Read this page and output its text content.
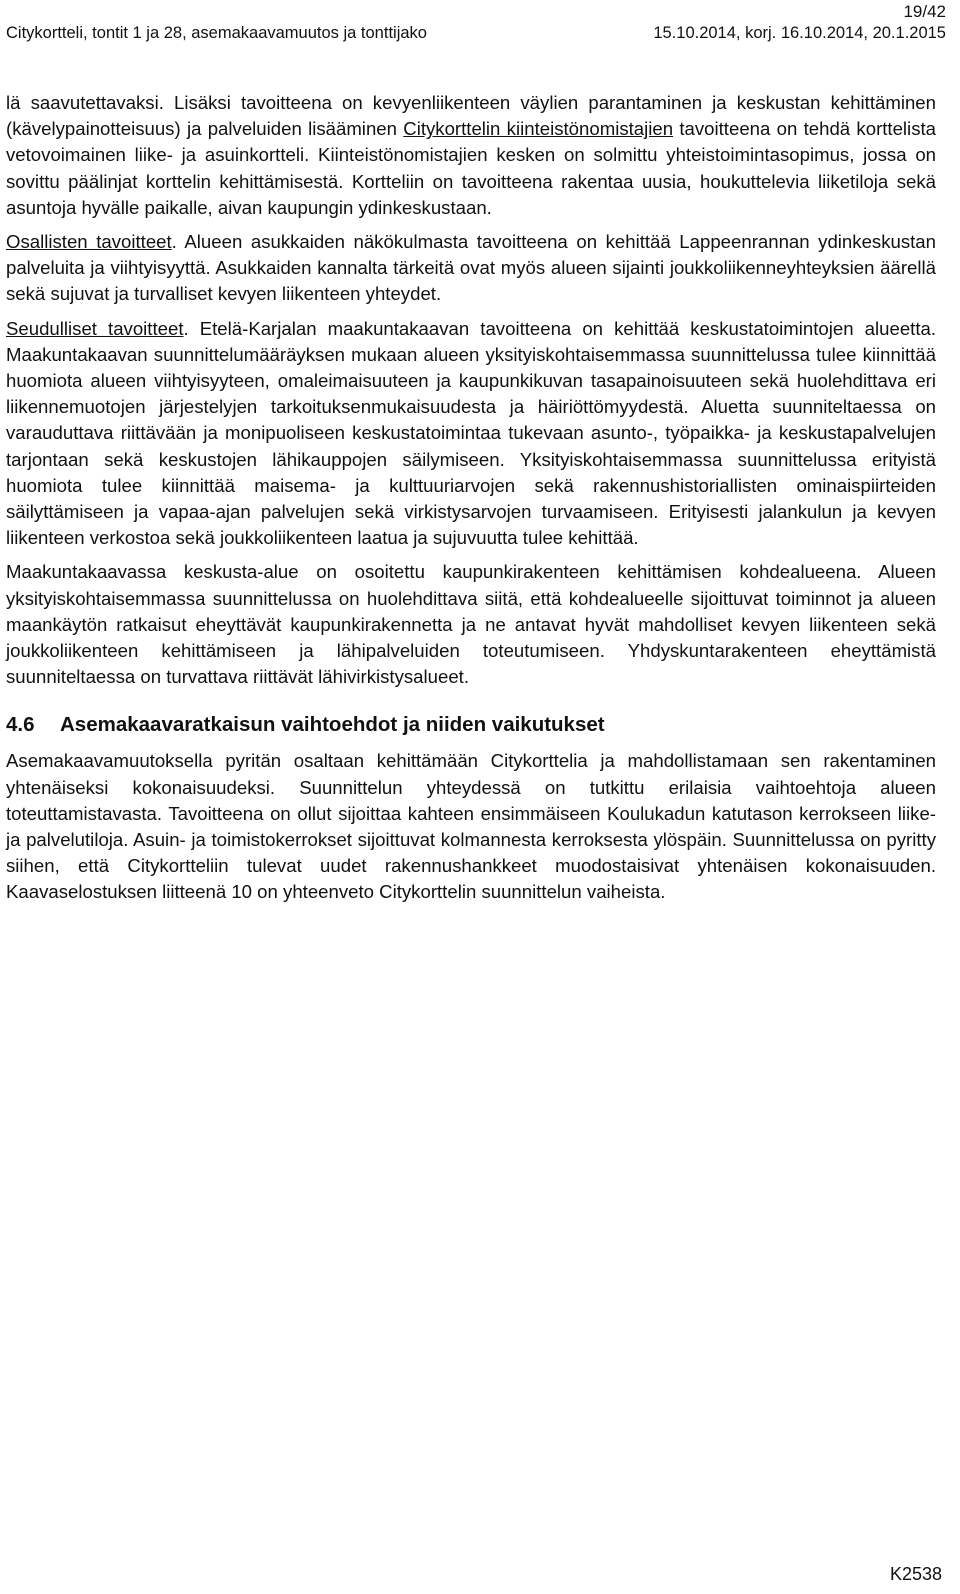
19/42
Citykortteli, tontit 1 ja 28, asemakaavamuutos ja tonttijako	15.10.2014, korj. 16.10.2014, 20.1.2015

lä saavutettavaksi. Lisäksi tavoitteena on kevyenliikenteen väylien parantaminen ja keskustan kehittäminen (kävelypainotteisuus) ja palveluiden lisääminen Citykorttelin kiinteistönomistajien tavoitteena on tehdä korttelista vetovoimainen liike- ja asuinkortteli. Kiinteistönomistajien kesken on solmittu yhteistoimintasopimus, jossa on sovittu päälinjat korttelin kehittämisestä. Kortteliin on tavoitteena rakentaa uusia, houkuttelevia liiketiloja sekä asuntoja hyvälle paikalle, aivan kaupungin ydinkeskustaan.

Osallisten tavoitteet. Alueen asukkaiden näkökulmasta tavoitteena on kehittää Lappeenrannan ydinkeskustan palveluita ja viihtyisyyttä. Asukkaiden kannalta tärkeitä ovat myös alueen sijainti joukkoliikenneyhteyksien äärellä sekä sujuvat ja turvalliset kevyen liikenteen yhteydet.

Seudulliset tavoitteet. Etelä-Karjalan maakuntakaavan tavoitteena on kehittää keskustatoimintojen alueetta. Maakuntakaavan suunnittelumääräyksen mukaan alueen yksityiskohtaisemmassa suunnittelussa tulee kiinnittää huomiota alueen viihtyisyyteen, omaleimaisuuteen ja kaupunkikuvan tasapainoisuuteen sekä huolehdittava eri liikennemuotojen järjestelyjen tarkoituksenmukaisuudesta ja häiriöttömyydestä. Aluetta suunniteltaessa on varauduttava riittävään ja monipuoliseen keskustatoimintaa tukevaan asunto-, työpaikka- ja keskustapalvelujen tarjontaan sekä keskustojen lähikauppojen säilymiseen. Yksityiskohtaisemmassa suunnittelussa erityistä huomiota tulee kiinnittää maisema- ja kulttuuriarvojen sekä rakennushistoriallisten ominaispiirteiden säilyttämiseen ja vapaa-ajan palvelujen sekä virkistysarvojen turvaamiseen. Erityisesti jalankulun ja kevyen liikenteen verkostoa sekä joukkoliikenteen laatua ja sujuvuutta tulee kehittää.

Maakuntakaavassa keskusta-alue on osoitettu kaupunkirakenteen kehittämisen kohdealueena. Alueen yksityiskohtaisemmassa suunnittelussa on huolehdittava siitä, että kohdealueelle sijoittuvat toiminnot ja alueen maankäytön ratkaisut eheyttävät kaupunkirakennetta ja ne antavat hyvät mahdolliset kevyen liikenteen sekä joukkoliikenteen kehittämiseen ja lähipalveluiden toteutumiseen. Yhdyskuntarakenteen eheyttämistä suunniteltaessa on turvattava riittävät lähivirkistysalueet.

4.6 Asemakaavaratkaisun vaihtoehdot ja niiden vaikutukset

Asemakaavamuutoksella pyritän osaltaan kehittämään Citykorttelia ja mahdollistamaan sen rakentaminen yhtenäiseksi kokonaisuudeksi. Suunnittelun yhteydessä on tutkittu erilaisia vaihtoehtoja alueen toteuttamistavasta. Tavoitteena on ollut sijoittaa kahteen ensimmäiseen Koulukadun katutason kerrokseen liike- ja palvelutiloja. Asuin- ja toimistokerrokset sijoittuvat kolmannesta kerroksesta ylöspäin. Suunnittelussa on pyritty siihen, että Citykortteliin tulevat uudet rakennushankkeet muodostaisivat yhtenäisen kokonaisuuden. Kaavaselostuksen liitteenä 10 on yhteenveto Citykorttelin suunnittelun vaiheista.

K2538
